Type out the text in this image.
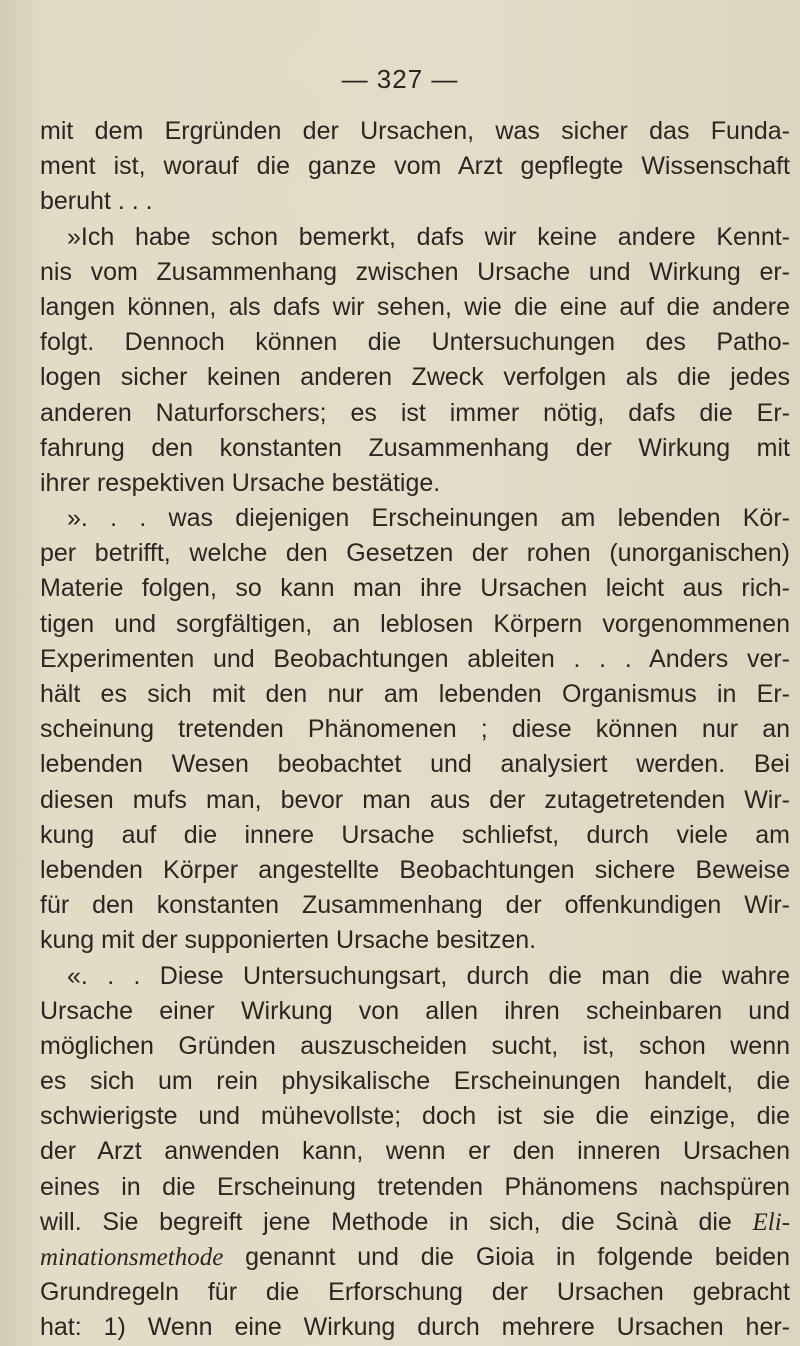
— 327 —
mit dem Ergründen der Ursachen, was sicher das Funda-
ment ist, worauf die ganze vom Arzt gepflegte Wissenschaft
beruht . . .
»Ich habe schon bemerkt, dafs wir keine andere Kennt-
nis vom Zusammenhang zwischen Ursache und Wirkung er-
langen können, als dafs wir sehen, wie die eine auf die andere
folgt. Dennoch können die Untersuchungen des Patho-
logen sicher keinen anderen Zweck verfolgen als die jedes
anderen Naturforschers; es ist immer nötig, dafs die Er-
fahrung den konstanten Zusammenhang der Wirkung mit
ihrer respektiven Ursache bestätige.
». . . was diejenigen Erscheinungen am lebenden Kör-
per betrifft, welche den Gesetzen der rohen (unorganischen)
Materie folgen, so kann man ihre Ursachen leicht aus rich-
tigen und sorgfältigen, an leblosen Körpern vorgenommenen
Experimenten und Beobachtungen ableiten . . . Anders ver-
hält es sich mit den nur am lebenden Organismus in Er-
scheinung tretenden Phänomenen ; diese können nur an
lebenden Wesen beobachtet und analysiert werden. Bei
diesen mufs man, bevor man aus der zutagetretenden Wir-
kung auf die innere Ursache schliefst, durch viele am
lebenden Körper angestellte Beobachtungen sichere Beweise
für den konstanten Zusammenhang der offenkundigen Wir-
kung mit der supponierten Ursache besitzen.
«. . . Diese Untersuchungsart, durch die man die wahre
Ursache einer Wirkung von allen ihren scheinbaren und
möglichen Gründen auszuscheiden sucht, ist, schon wenn
es sich um rein physikalische Erscheinungen handelt, die
schwierigste und mühevollste; doch ist sie die einzige, die
der Arzt anwenden kann, wenn er den inneren Ursachen
eines in die Erscheinung tretenden Phänomens nachspüren
will. Sie begreift jene Methode in sich, die Scinà die Eli-
minationsmethode genannt und die Gioia in folgende beiden
Grundregeln für die Erforschung der Ursachen gebracht
hat: 1) Wenn eine Wirkung durch mehrere Ursachen her-
